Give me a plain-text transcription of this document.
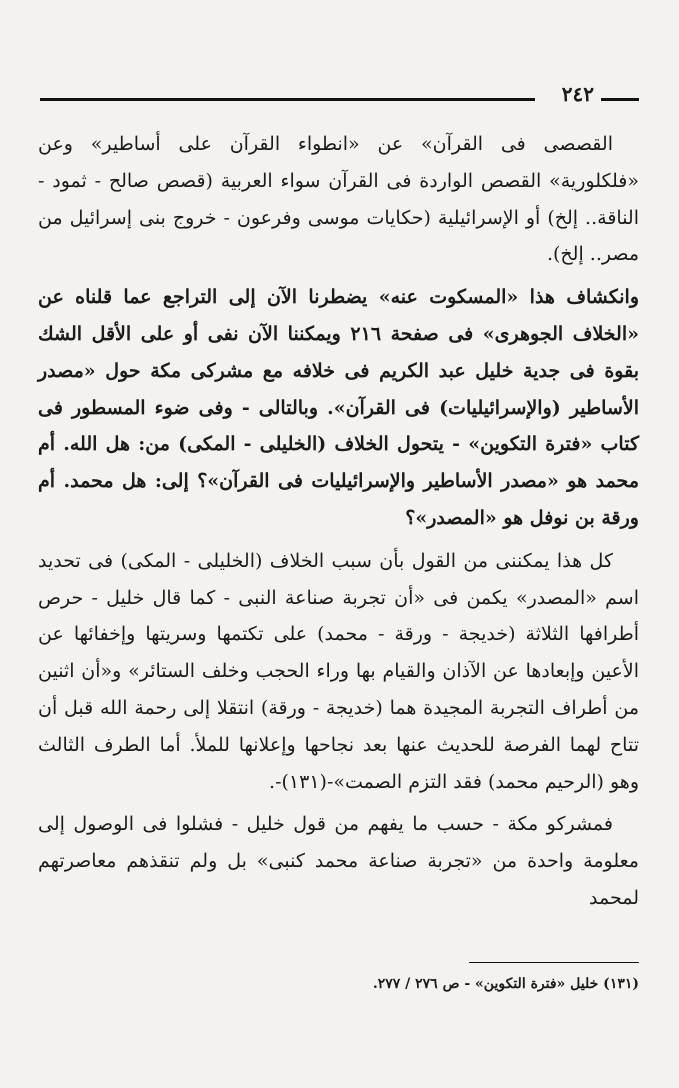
٢٤٢

القصصى فى القرآن» عن «انطواء القرآن على أساطير» وعن «فلكلورية» القصص الواردة فى القرآن سواء العربية (قصص صالح - ثمود - الناقة.. إلخ) أو الإسرائيلية (حكايات موسى وفرعون - خروج بنى إسرائيل من مصر.. إلخ).

وانكشاف هذا «المسكوت عنه» يضطرنا الآن إلى التراجع عما قلناه عن «الخلاف الجوهرى» فى صفحة ٢١٦ ويمكننا الآن نفى أو على الأقل الشك بقوة فى جدية خليل عبد الكريم فى خلافه مع مشركى مكة حول «مصدر الأساطير (والإسرائيليات) فى القرآن». وبالتالى - وفى ضوء المسطور فى كتاب «فترة التكوين» - يتحول الخلاف (الخليلى - المكى) من: هل الله. أم محمد هو «مصدر الأساطير والإسرائيليات فى القرآن»؟ إلى: هل محمد. أم ورقة بن نوفل هو «المصدر»؟

كل هذا يمكننى من القول بأن سبب الخلاف (الخليلى - المكى) فى تحديد اسم «المصدر» يكمن فى «أن تجربة صناعة النبى - كما قال خليل - حرص أطرافها الثلاثة (خديجة - ورقة - محمد) على تكتمها وسريتها وإخفائها عن الأعين وإبعادها عن الآذان والقيام بها وراء الحجب وخلف الستائر» و«أن اثنين من أطراف التجربة المجيدة هما (خديجة - ورقة) انتقلا إلى رحمة الله قبل أن تتاح لهما الفرصة للحديث عنها بعد نجاحها وإعلانها للملأ. أما الطرف الثالث وهو (الرحيم محمد) فقد التزم الصمت»-(١٣١)-.

فمشركو مكة - حسب ما يفهم من قول خليل - فشلوا فى الوصول إلى معلومة واحدة من «تجربة صناعة محمد كنبى» بل ولم تنقذهم معاصرتهم لمحمد

(١٣١) خليل «فترة التكوين» - ص ٢٧٦ / ٢٧٧.
